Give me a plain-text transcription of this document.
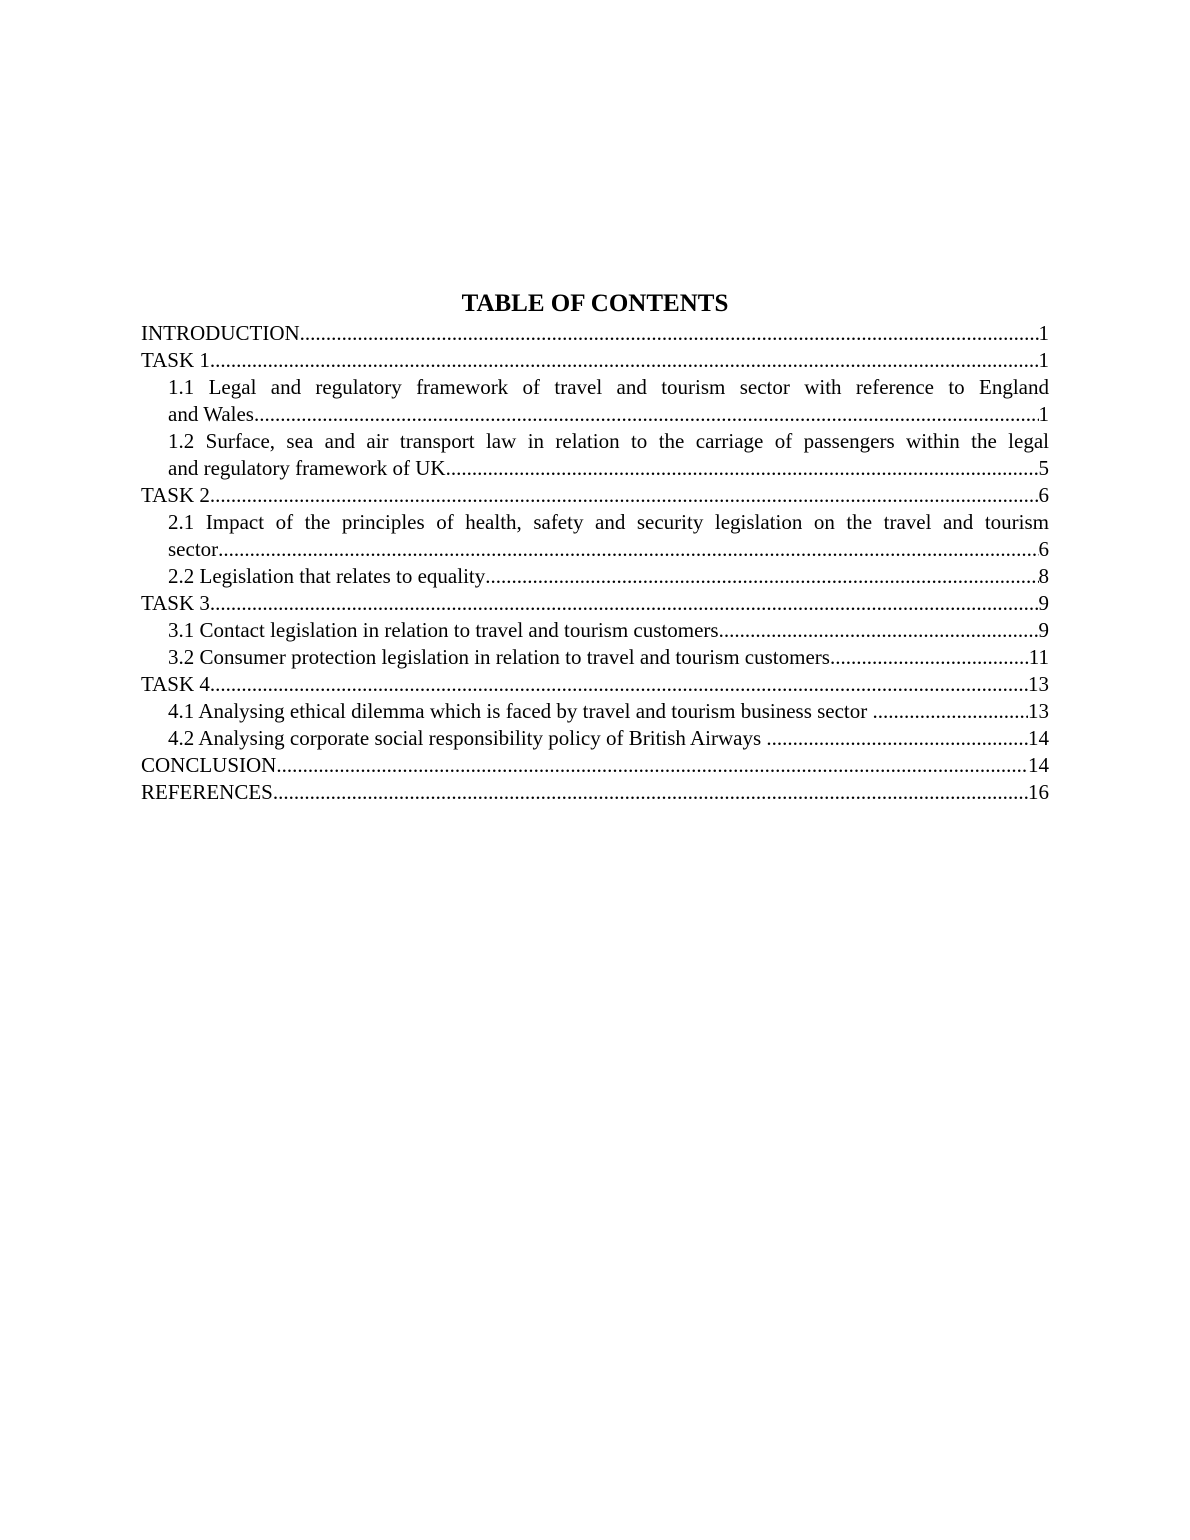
TABLE OF CONTENTS
INTRODUCTION .....	1
TASK 1 .....	1
1.1 Legal and regulatory framework of travel and tourism sector with reference to England
and Wales .....	1
1.2 Surface, sea and air transport law in relation to the carriage of passengers within the legal
and regulatory framework of UK .....	5
TASK 2 .....	6
2.1 Impact of the principles of health, safety and security legislation on the travel and tourism
sector .....	6
2.2 Legislation that relates to equality .....	8
TASK 3 .....	9
3.1 Contact legislation in relation to travel and tourism customers .....	9
3.2 Consumer protection legislation in relation to travel and tourism customers .....	11
TASK 4 .....	13
4.1 Analysing ethical dilemma which is faced by travel and tourism business sector .....	13
4.2 Analysing corporate social responsibility policy of British Airways .....	14
CONCLUSION .....	14
REFERENCES .....	16
